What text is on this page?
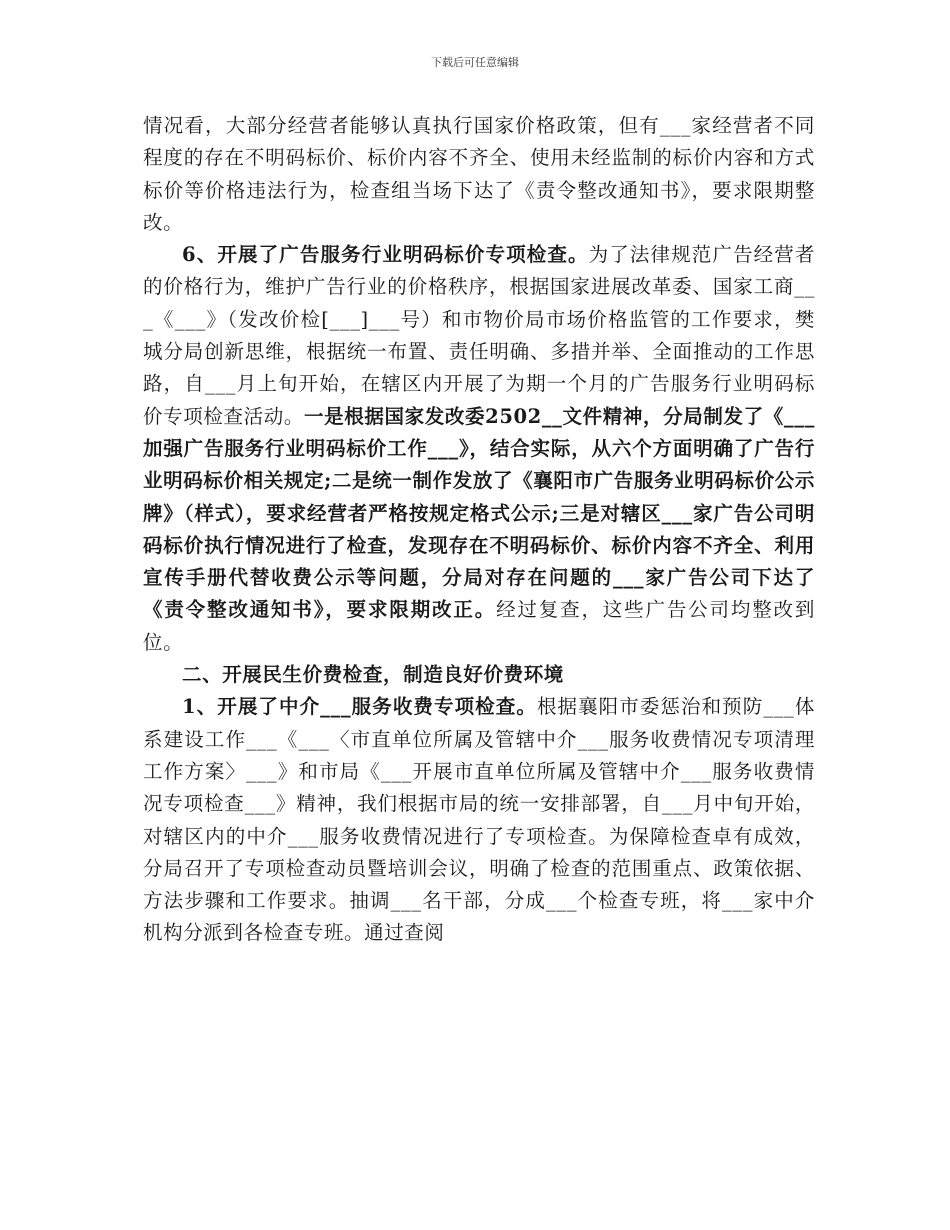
下载后可任意编辑

情况看，大部分经营者能够认真执行国家价格政策，但有___家经营者不同程度的存在不明码标价、标价内容不齐全、使用未经监制的标价内容和方式标价等价格违法行为，检查组当场下达了《责令整改通知书》，要求限期整改。

6、开展了广告服务行业明码标价专项检查。为了法律规范广告经营者的价格行为，维护广告行业的价格秩序，根据国家进展改革委、国家工商___《___》（发改价检[___]___号）和市物价局市场价格监管的工作要求，樊城分局创新思维，根据统一布置、责任明确、多措并举、全面推动的工作思路，自___月上旬开始，在辖区内开展了为期一个月的广告服务行业明码标价专项检查活动。一是根据国家发改委2502__文件精神，分局制发了《___加强广告服务行业明码标价工作___》，结合实际，从六个方面明确了广告行业明码标价相关规定;二是统一制作发放了《襄阳市广告服务业明码标价公示牌》（样式），要求经营者严格按规定格式公示;三是对辖区___家广告公司明码标价执行情况进行了检查，发现存在不明码标价、标价内容不齐全、利用宣传手册代替收费公示等问题，分局对存在问题的___家广告公司下达了《责令整改通知书》，要求限期改正。经过复查，这些广告公司均整改到位。

二、开展民生价费检查，制造良好价费环境

1、开展了中介___服务收费专项检查。根据襄阳市委惩治和预防___体系建设工作___《___〈市直单位所属及管辖中介___服务收费情况专项清理工作方案〉___》和市局《___开展市直单位所属及管辖中介___服务收费情况专项检查___》精神，我们根据市局的统一安排部署，自___月中旬开始，对辖区内的中介___服务收费情况进行了专项检查。为保障检查卓有成效，分局召开了专项检查动员暨培训会议，明确了检查的范围重点、政策依据、方法步骤和工作要求。抽调___名干部，分成___个检查专班，将___家中介机构分派到各检查专班。通过查阅
